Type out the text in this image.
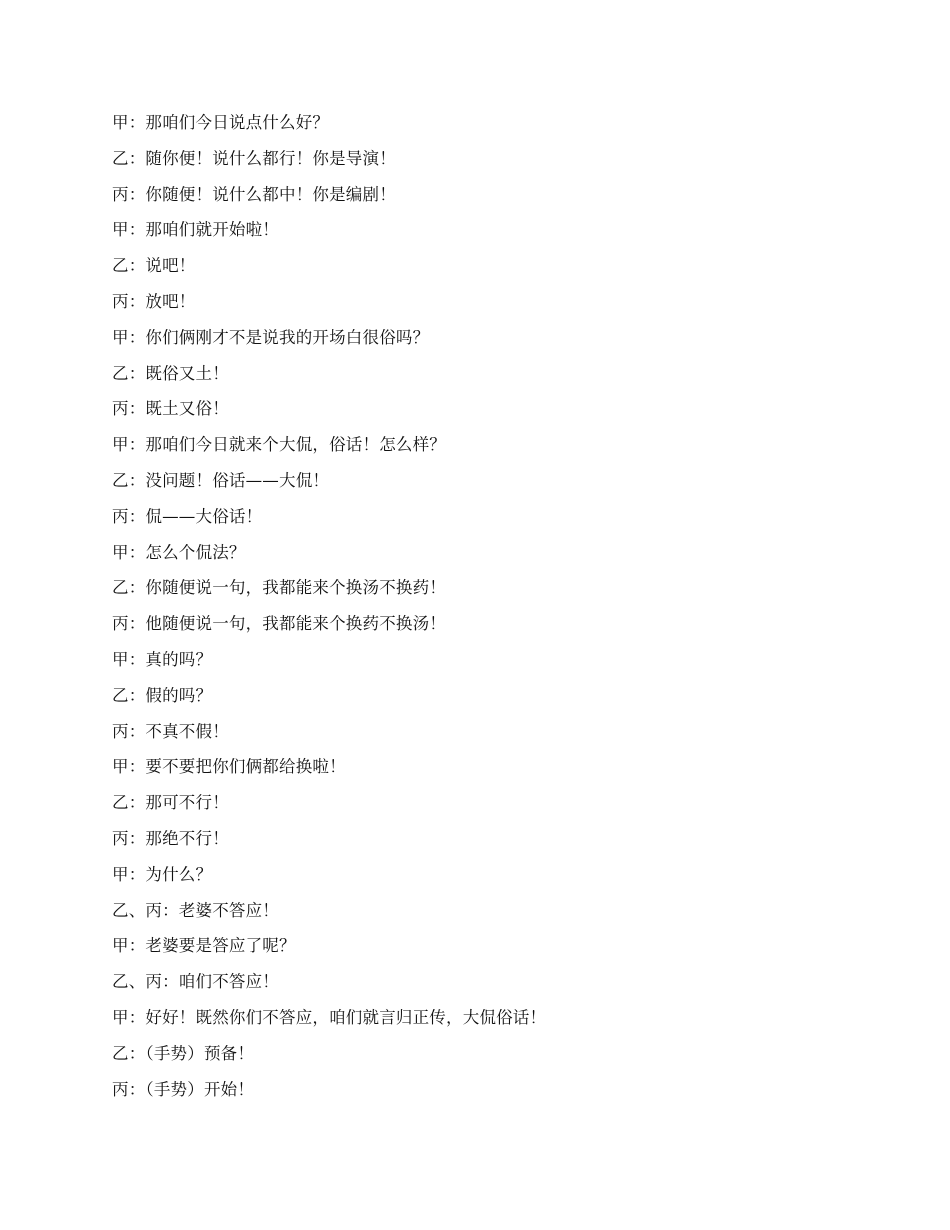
甲：那咱们今日说点什么好？
乙：随你便！说什么都行！你是导演！
丙：你随便！说什么都中！你是编剧！
甲：那咱们就开始啦！
乙：说吧！
丙：放吧！
甲：你们俩刚才不是说我的开场白很俗吗？
乙：既俗又土！
丙：既土又俗！
甲：那咱们今日就来个大侃，俗话！怎么样？
乙：没问题！俗话——大侃！
丙：侃——大俗话！
甲：怎么个侃法？
乙：你随便说一句，我都能来个换汤不换药！
丙：他随便说一句，我都能来个换药不换汤！
甲：真的吗？
乙：假的吗？
丙：不真不假！
甲：要不要把你们俩都给换啦！
乙：那可不行！
丙：那绝不行！
甲：为什么？
乙、丙：老婆不答应！
甲：老婆要是答应了呢？
乙、丙：咱们不答应！
甲：好好！既然你们不答应，咱们就言归正传，大侃俗话！
乙：（手势）预备！
丙：（手势）开始！
